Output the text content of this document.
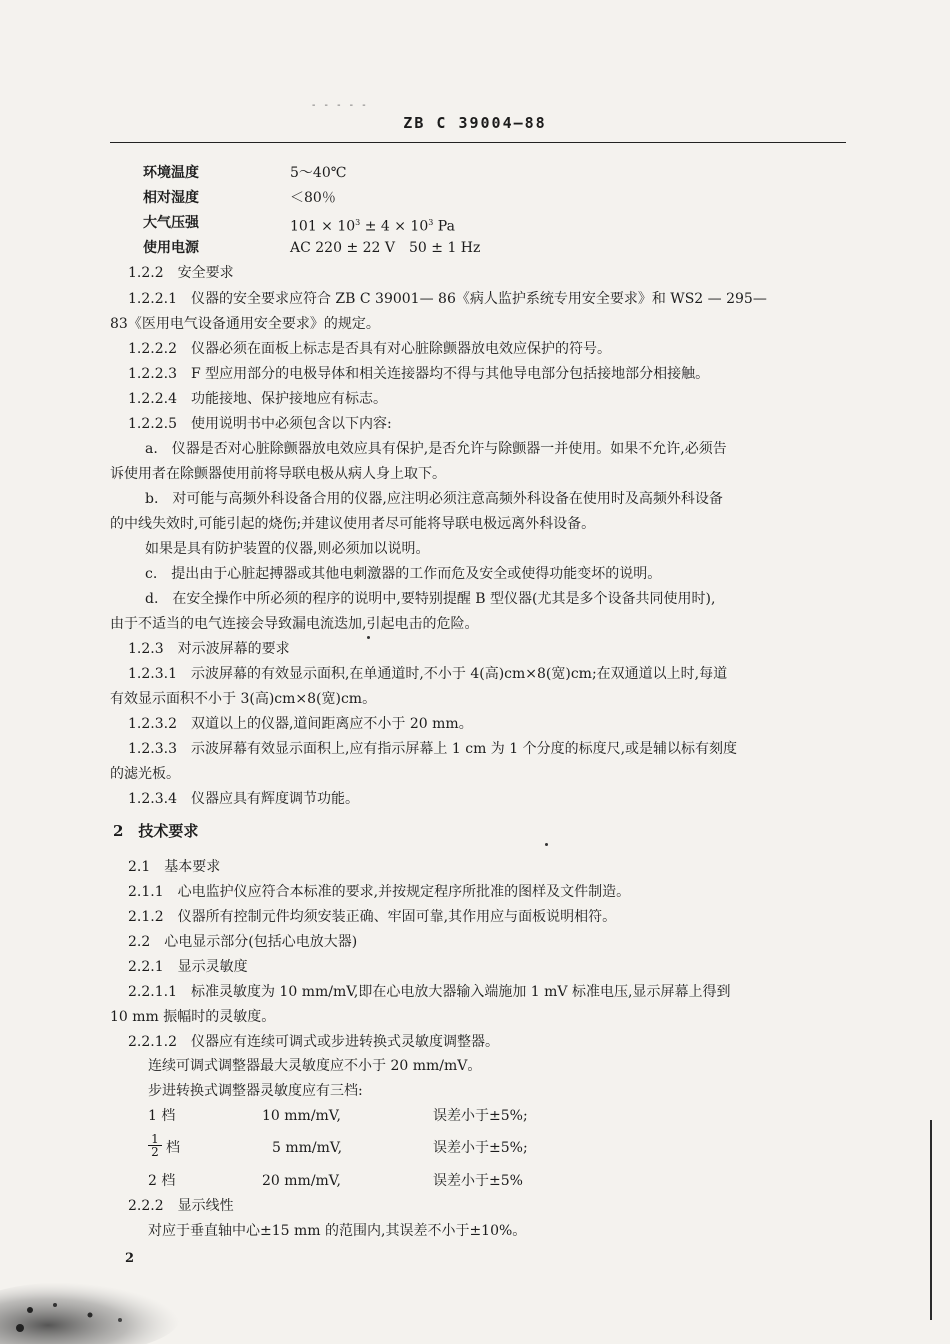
- - - - -
ZB C 39004—88
环境温度	5～40℃
相对湿度	＜80％
大气压强	$101 \times 10^3 \pm 4 \times 10^3$ Pa
使用电源	AC 220 ± 22 V　50 ± 1 Hz
1.2.2　安全要求
1.2.2.1　仪器的安全要求应符合 ZB C 39001— 86《病人监护系统专用安全要求》和 WS2 — 295—
83《医用电气设备通用安全要求》的规定。
1.2.2.2　仪器必须在面板上标志是否具有对心脏除颤器放电效应保护的符号。
1.2.2.3　F 型应用部分的电极导体和相关连接器均不得与其他导电部分包括接地部分相接触。
1.2.2.4　功能接地、保护接地应有标志。
1.2.2.5　使用说明书中必须包含以下内容:
a.　仪器是否对心脏除颤器放电效应具有保护,是否允许与除颤器一并使用。如果不允许,必须告
诉使用者在除颤器使用前将导联电极从病人身上取下。
b.　对可能与高频外科设备合用的仪器,应注明必须注意高频外科设备在使用时及高频外科设备
的中线失效时,可能引起的烧伤;并建议使用者尽可能将导联电极远离外科设备。
如果是具有防护装置的仪器,则必须加以说明。
c.　提出由于心脏起搏器或其他电刺激器的工作而危及安全或使得功能变坏的说明。
d.　在安全操作中所必须的程序的说明中,要特别提醒 B 型仪器(尤其是多个设备共同使用时),
由于不适当的电气连接会导致漏电流迭加,引起电击的危险。
1.2.3　对示波屏幕的要求
1.2.3.1　示波屏幕的有效显示面积,在单通道时,不小于 4(高)cm×8(宽)cm;在双通道以上时,每道
有效显示面积不小于 3(高)cm×8(宽)cm。
1.2.3.2　双道以上的仪器,道间距离应不小于 20 mm。
1.2.3.3　示波屏幕有效显示面积上,应有指示屏幕上 1 cm 为 1 个分度的标度尺,或是辅以标有刻度
的滤光板。
1.2.3.4　仪器应具有辉度调节功能。
2　技术要求
2.1　基本要求
2.1.1　心电监护仪应符合本标准的要求,并按规定程序所批准的图样及文件制造。
2.1.2　仪器所有控制元件均须安装正确、牢固可靠,其作用应与面板说明相符。
2.2　心电显示部分(包括心电放大器)
2.2.1　显示灵敏度
2.2.1.1　标准灵敏度为 10 mm/mV,即在心电放大器输入端施加 1 mV 标准电压,显示屏幕上得到
10 mm 振幅时的灵敏度。
2.2.1.2　仪器应有连续可调式或步进转换式灵敏度调整器。
连续可调式调整器最大灵敏度应不小于 20 mm/mV。
步进转换式调整器灵敏度应有三档:
1 档	10 mm/mV,	误差小于±5%;
$\frac{1}{2}$ 档	5 mm/mV,	误差小于±5%;
2 档	20 mm/mV,	误差小于±5%
2.2.2　显示线性
对应于垂直轴中心±15 mm 的范围内,其误差不小于±10%。
2
